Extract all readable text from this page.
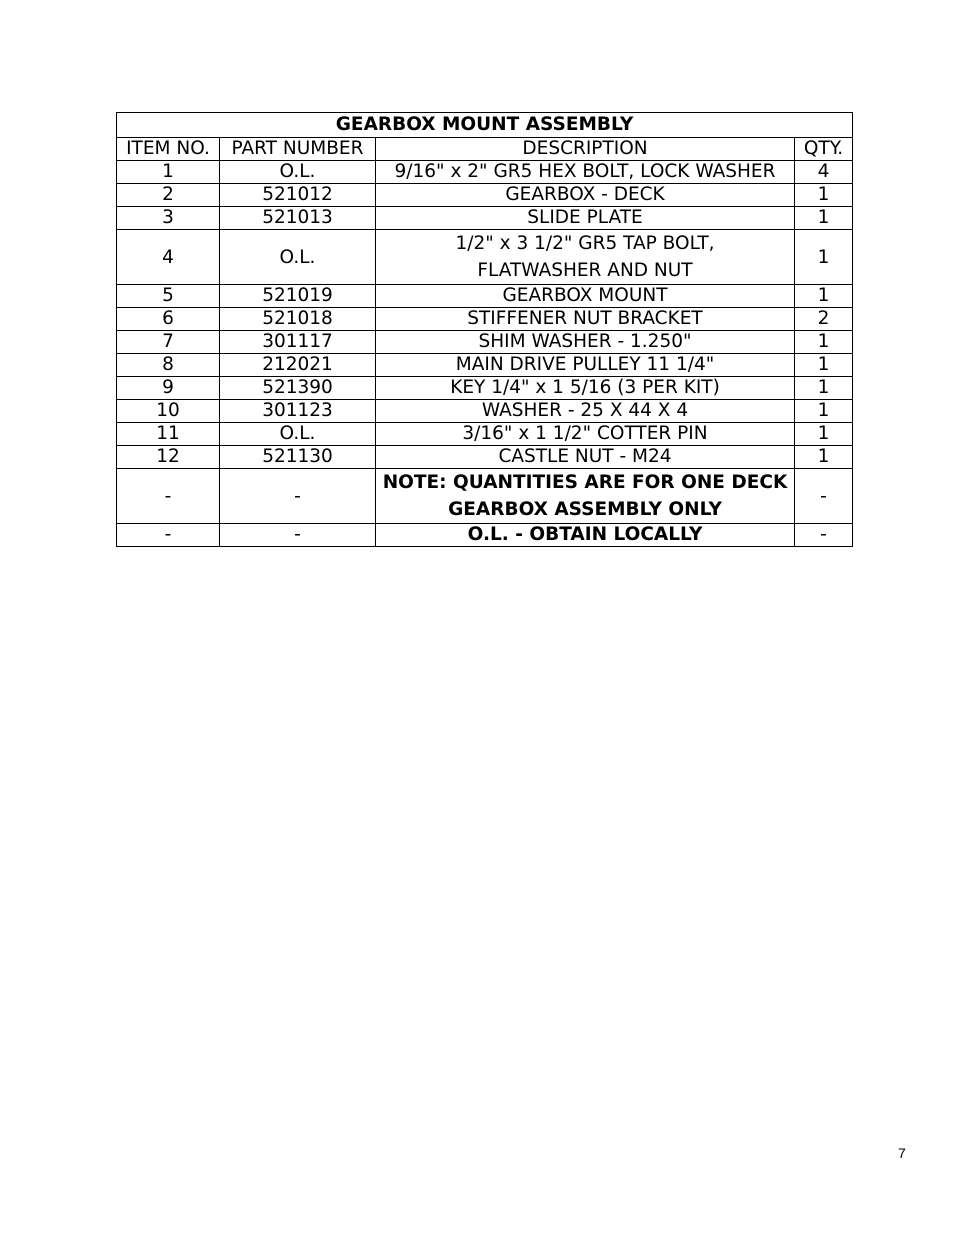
GEARBOX MOUNT ASSEMBLY			
ITEM NO.	PART NUMBER	DESCRIPTION	QTY.
1	O.L.	9/16" x 2" GR5 HEX BOLT, LOCK WASHER	4
2	521012	GEARBOX - DECK	1
3	521013	SLIDE PLATE	1
4	O.L.	1/2" x 3 1/2" GR5 TAP BOLT,
FLATWASHER AND NUT	1
5	521019	GEARBOX MOUNT	1
6	521018	STIFFENER NUT BRACKET	2
7	301117	SHIM WASHER - 1.250"	1
8	212021	MAIN DRIVE PULLEY 11 1/4"	1
9	521390	KEY 1/4" x 1 5/16 (3 PER KIT)	1
10	301123	WASHER - 25 X 44 X 4	1
11	O.L.	3/16" x 1 1/2" COTTER PIN	1
12	521130	CASTLE NUT - M24	1
-	-	NOTE: QUANTITIES ARE FOR ONE DECK
GEARBOX ASSEMBLY ONLY	-
-	-	O.L. - OBTAIN LOCALLY	-
7
